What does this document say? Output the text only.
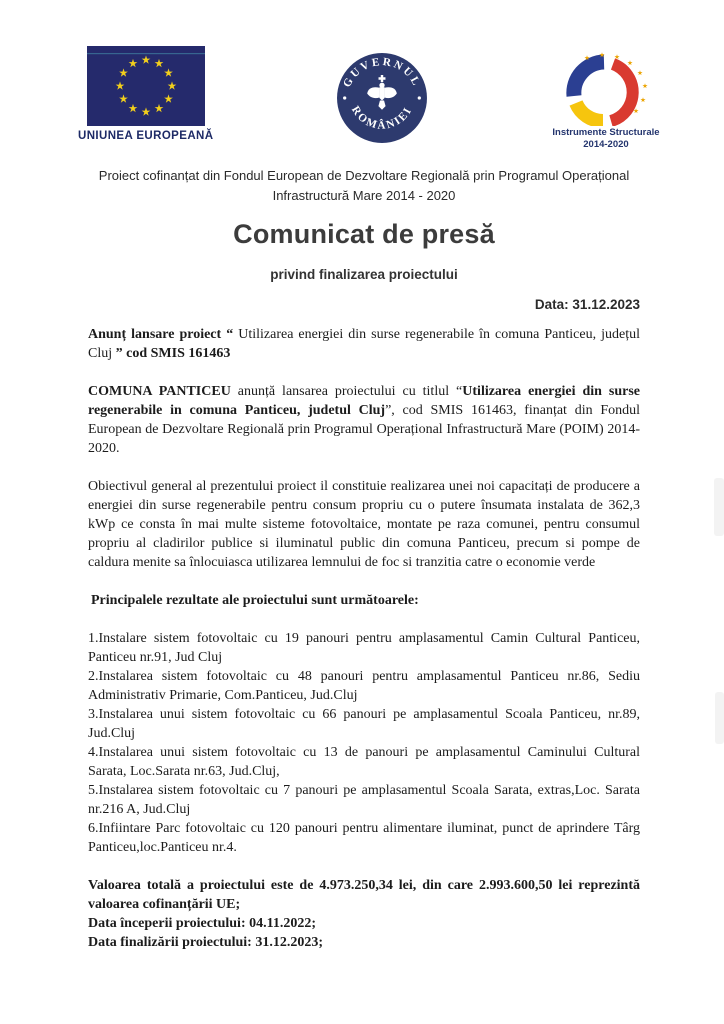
UNIUNEA EUROPEANĂ
GUVERNUL
ROMÂNIEI
Instrumente Structurale
2014-2020
Proiect cofinanțat din Fondul European de Dezvoltare Regională prin Programul Operațional Infrastructură Mare 2014 - 2020
Comunicat de presă
privind finalizarea proiectului
Data: 31.12.2023

Anunț lansare proiect “ Utilizarea energiei din surse regenerabile în comuna Panticeu, județul Cluj ” cod SMIS 161463

COMUNA PANTICEU anunță lansarea proiectului cu titlul “Utilizarea energiei din surse regenerabile in comuna Panticeu, judetul Cluj”, cod SMIS 161463, finanțat din Fondul European de Dezvoltare Regională prin Programul Operațional Infrastructură Mare (POIM) 2014-2020.

Obiectivul general al prezentului proiect il constituie realizarea unei noi capacitați de producere a energiei din surse regenerabile pentru consum propriu cu o putere însumata instalata de 362,3 kWp ce consta în mai multe sisteme fotovoltaice, montate pe raza comunei, pentru consumul propriu al cladirilor publice si iluminatul public din comuna Panticeu, precum si pompe de caldura menite sa înlocuiasca utilizarea lemnului de foc si tranzitia catre o economie verde

Principalele rezultate ale proiectului sunt următoarele:

1.Instalare sistem fotovoltaic cu 19 panouri pentru amplasamentul Camin Cultural Panticeu, Panticeu nr.91, Jud Cluj

2.Instalarea sistem fotovoltaic cu 48 panouri pentru amplasamentul Panticeu nr.86, Sediu Administrativ Primarie, Com.Panticeu, Jud.Cluj

3.Instalarea unui sistem fotovoltaic cu 66 panouri pe amplasamentul Scoala Panticeu, nr.89, Jud.Cluj

4.Instalarea unui sistem fotovoltaic cu 13 de panouri pe amplasamentul Caminului Cultural Sarata, Loc.Sarata nr.63, Jud.Cluj,

5.Instalarea sistem fotovoltaic cu 7 panouri pe amplasamentul Scoala Sarata, extras,Loc. Sarata nr.216 A, Jud.Cluj

6.Infiintare Parc fotovoltaic cu 120 panouri pentru alimentare iluminat, punct de aprindere Târg Panticeu,loc.Panticeu nr.4.

Valoarea totală a proiectului este de 4.973.250,34 lei, din care 2.993.600,50 lei reprezintă valoarea cofinanțării UE;

Data începerii proiectului: 04.11.2022;

Data finalizării proiectului: 31.12.2023;
